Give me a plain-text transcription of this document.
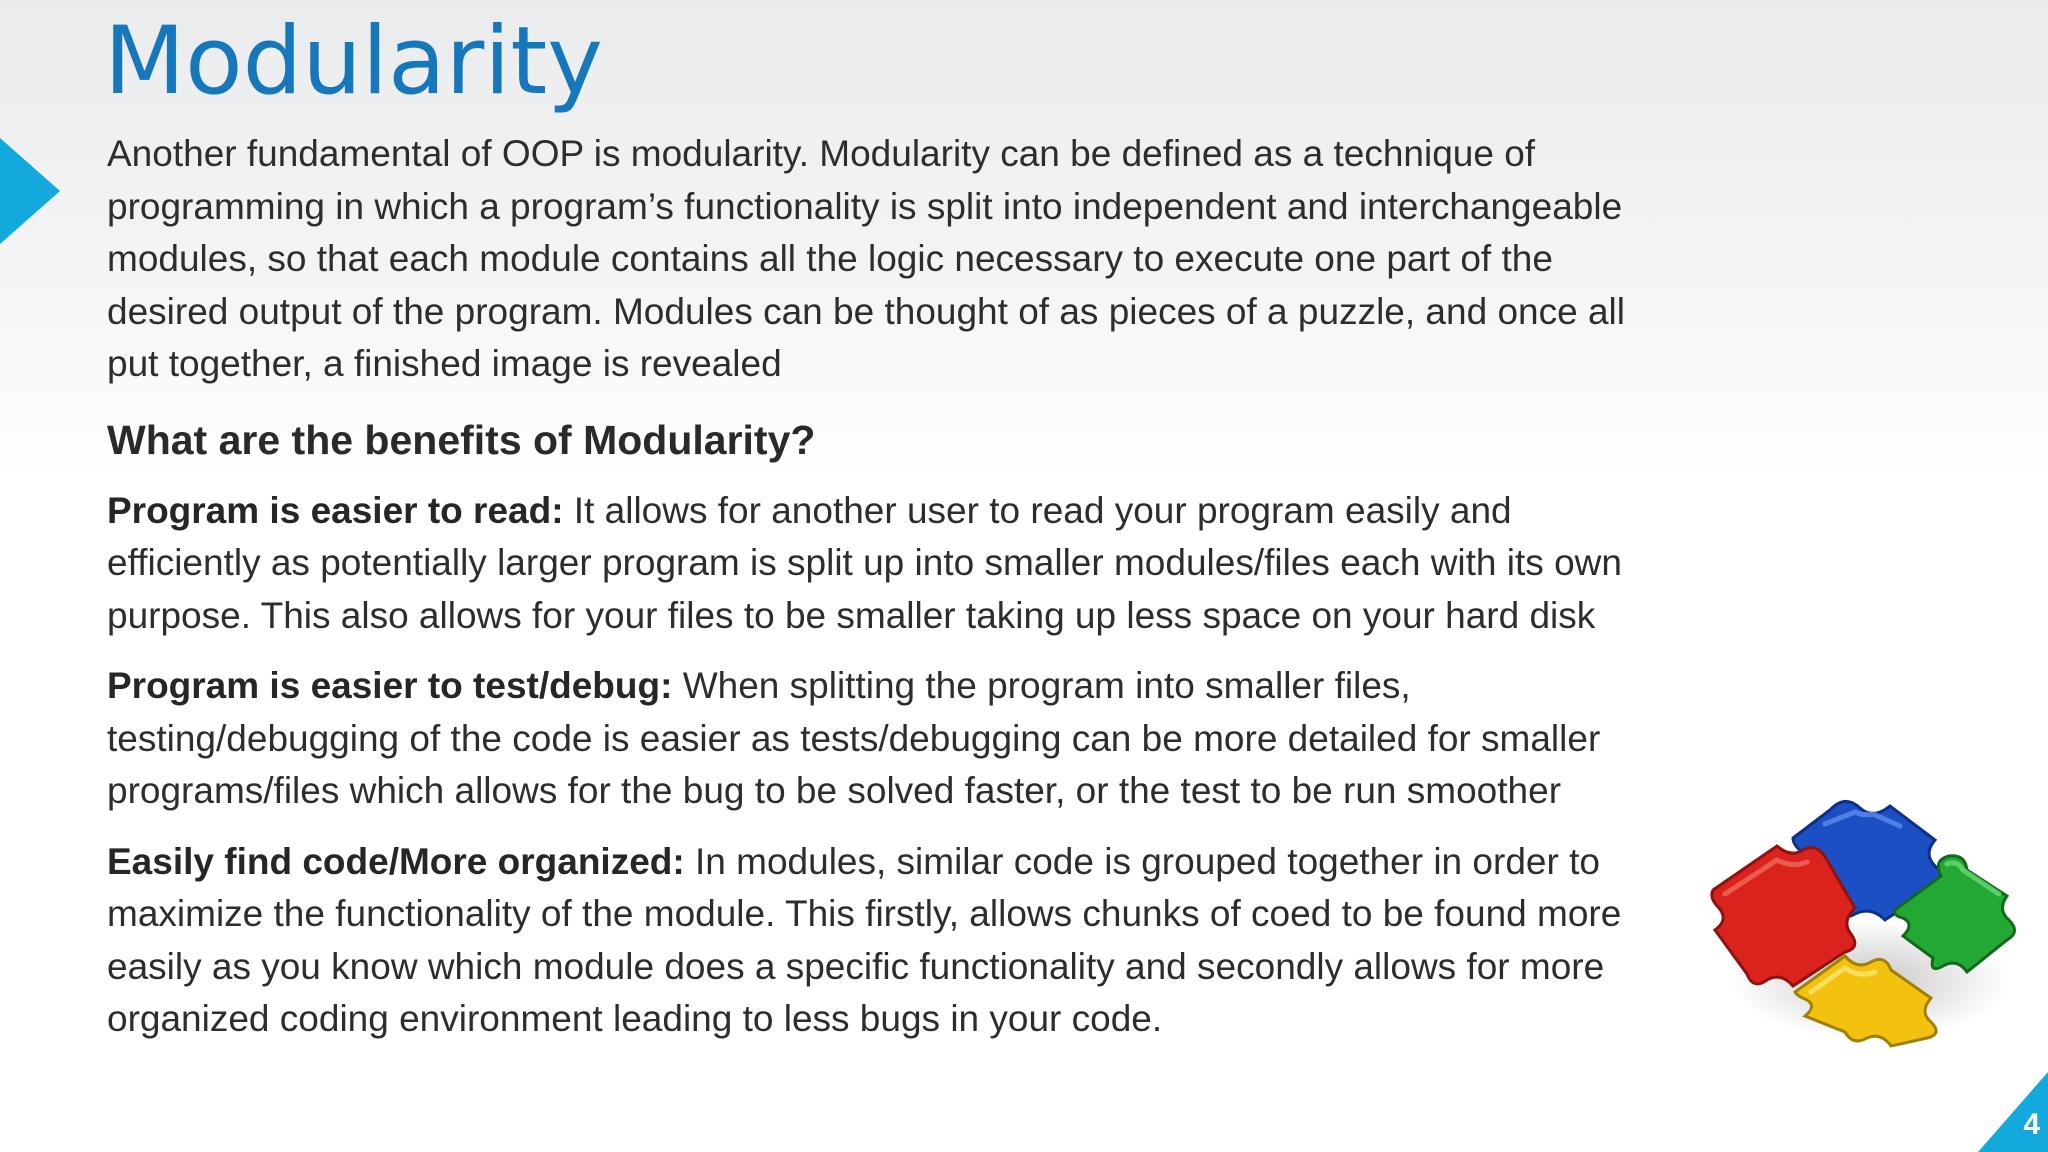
Modularity

Another fundamental of OOP is modularity. Modularity can be defined as a technique of programming in which a program’s functionality is split into independent and interchangeable modules, so that each module contains all the logic necessary to execute one part of the desired output of the program. Modules can be thought of as pieces of a puzzle, and once all put together, a finished image is revealed

What are the benefits of Modularity?

Program is easier to read: It allows for another user to read your program easily and efficiently as potentially larger program is split up into smaller modules/files each with its own purpose. This also allows for your files to be smaller taking up less space on your hard disk

Program is easier to test/debug: When splitting the program into smaller files, testing/debugging of the code is easier as tests/debugging can be more detailed for smaller programs/files which allows for the bug to be solved faster, or the test to be run smoother

Easily find code/More organized: In modules, similar code is grouped together in order to maximize the functionality of the module. This firstly, allows chunks of coed to be found more easily as you know which module does a specific functionality and secondly allows for more organized coding environment leading to less bugs in your code.

4
